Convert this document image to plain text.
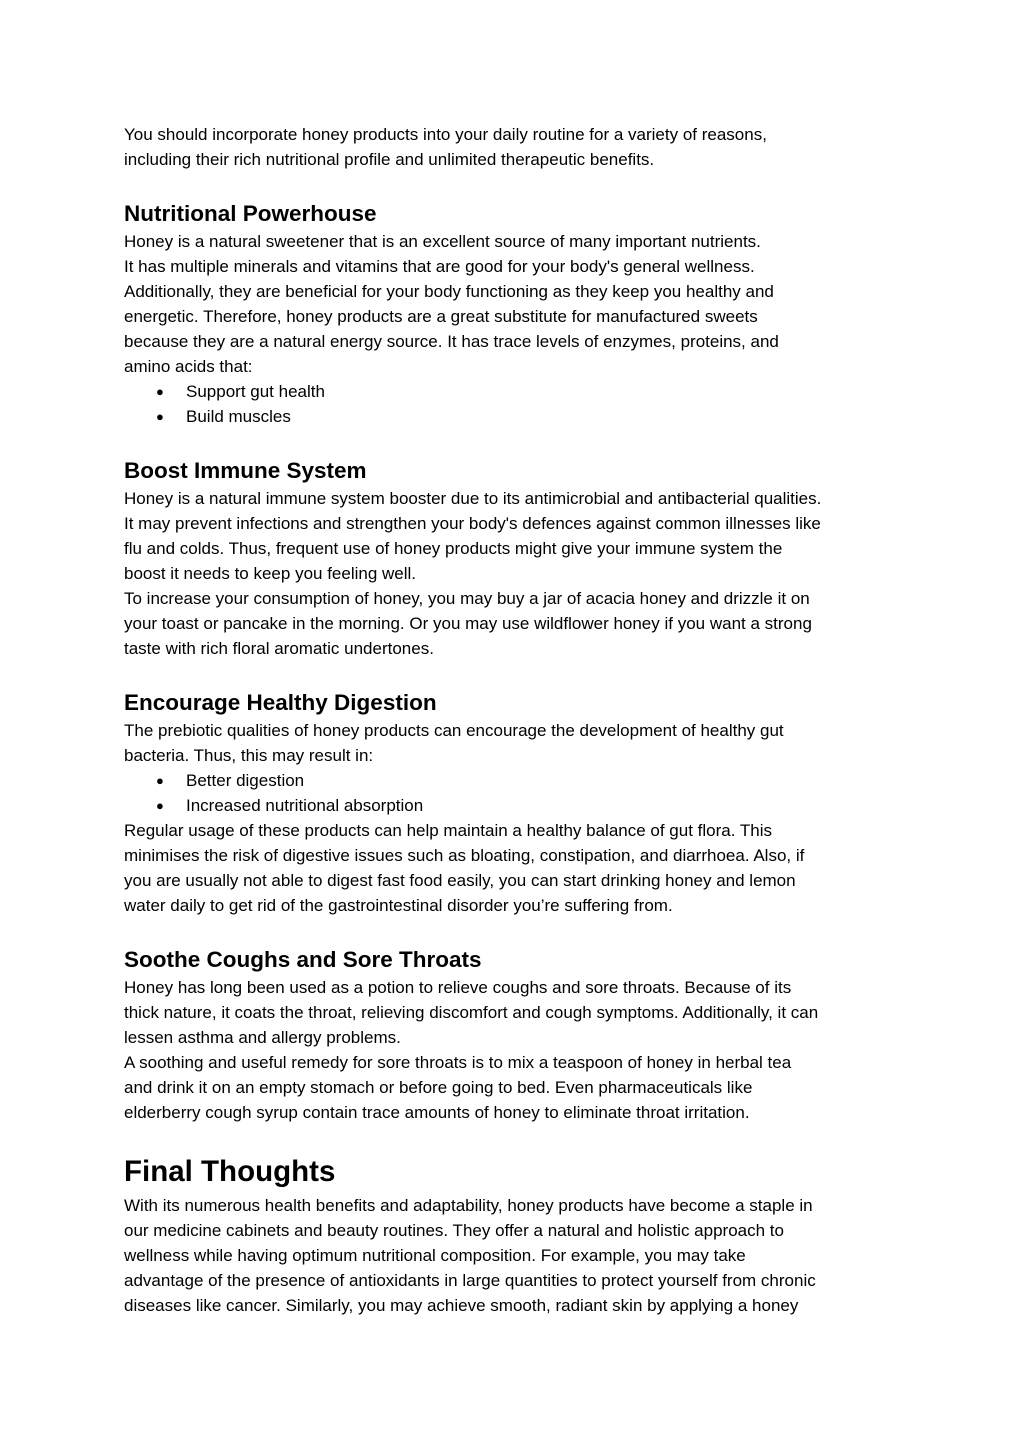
You should incorporate honey products into your daily routine for a variety of reasons,
including their rich nutritional profile and unlimited therapeutic benefits.

Nutritional Powerhouse

Honey is a natural sweetener that is an excellent source of many important nutrients.
It has multiple minerals and vitamins that are good for your body's general wellness.
Additionally, they are beneficial for your body functioning as they keep you healthy and
energetic. Therefore, honey products are a great substitute for manufactured sweets
because they are a natural energy source. It has trace levels of enzymes, proteins, and
amino acids that:

● Support gut health
● Build muscles
Boost Immune System

Honey is a natural immune system booster due to its antimicrobial and antibacterial qualities.
It may prevent infections and strengthen your body's defences against common illnesses like
flu and colds. Thus, frequent use of honey products might give your immune system the
boost it needs to keep you feeling well.

To increase your consumption of honey, you may buy a jar of acacia honey and drizzle it on
your toast or pancake in the morning. Or you may use wildflower honey if you want a strong
taste with rich floral aromatic undertones.

Encourage Healthy Digestion

The prebiotic qualities of honey products can encourage the development of healthy gut
bacteria. Thus, this may result in:

● Better digestion
● Increased nutritional absorption

Regular usage of these products can help maintain a healthy balance of gut flora. This
minimises the risk of digestive issues such as bloating, constipation, and diarrhoea. Also, if
you are usually not able to digest fast food easily, you can start drinking honey and lemon
water daily to get rid of the gastrointestinal disorder you’re suffering from.

Soothe Coughs and Sore Throats

Honey has long been used as a potion to relieve coughs and sore throats. Because of its
thick nature, it coats the throat, relieving discomfort and cough symptoms. Additionally, it can
lessen asthma and allergy problems.

A soothing and useful remedy for sore throats is to mix a teaspoon of honey in herbal tea
and drink it on an empty stomach or before going to bed. Even pharmaceuticals like
elderberry cough syrup contain trace amounts of honey to eliminate throat irritation.

Final Thoughts

With its numerous health benefits and adaptability, honey products have become a staple in
our medicine cabinets and beauty routines. They offer a natural and holistic approach to
wellness while having optimum nutritional composition. For example, you may take
advantage of the presence of antioxidants in large quantities to protect yourself from chronic
diseases like cancer. Similarly, you may achieve smooth, radiant skin by applying a honey
